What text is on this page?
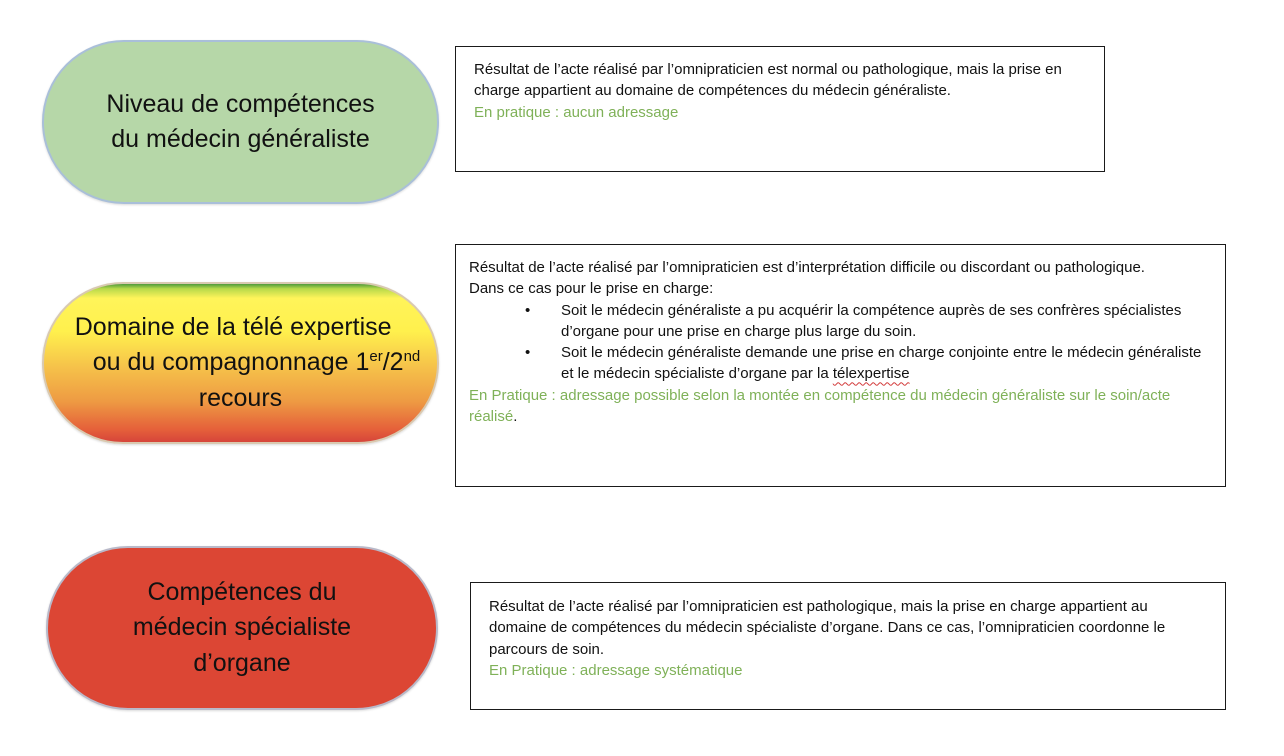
Niveau de compétences
du médecin généraliste

Résultat de l’acte réalisé par l’omnipraticien est normal ou pathologique, mais la prise en charge appartient au domaine de compétences du médecin généraliste.

En pratique : aucun adressage

Domaine de la télé expertise
ou du compagnonnage 1er/2nd
recours

Résultat de l’acte réalisé par l’omnipraticien est d’interprétation difficile ou discordant ou pathologique.

Dans ce cas pour le prise en charge:

• Soit le médecin généraliste a pu acquérir la compétence auprès de ses confrères spécialistes d’organe pour une prise en charge plus large du soin.
• Soit le médecin généraliste demande une prise en charge conjointe entre le médecin généraliste et le médecin spécialiste d’organe par la télexpertise

En Pratique : adressage possible selon la montée en compétence du médecin généraliste sur le soin/acte réalisé.

Compétences du
médecin spécialiste
d’organe

Résultat de l’acte réalisé par l’omnipraticien est pathologique, mais la prise en charge appartient au domaine de compétences du médecin spécialiste d’organe. Dans ce cas, l’omnipraticien coordonne le parcours de soin.

En Pratique : adressage systématique
